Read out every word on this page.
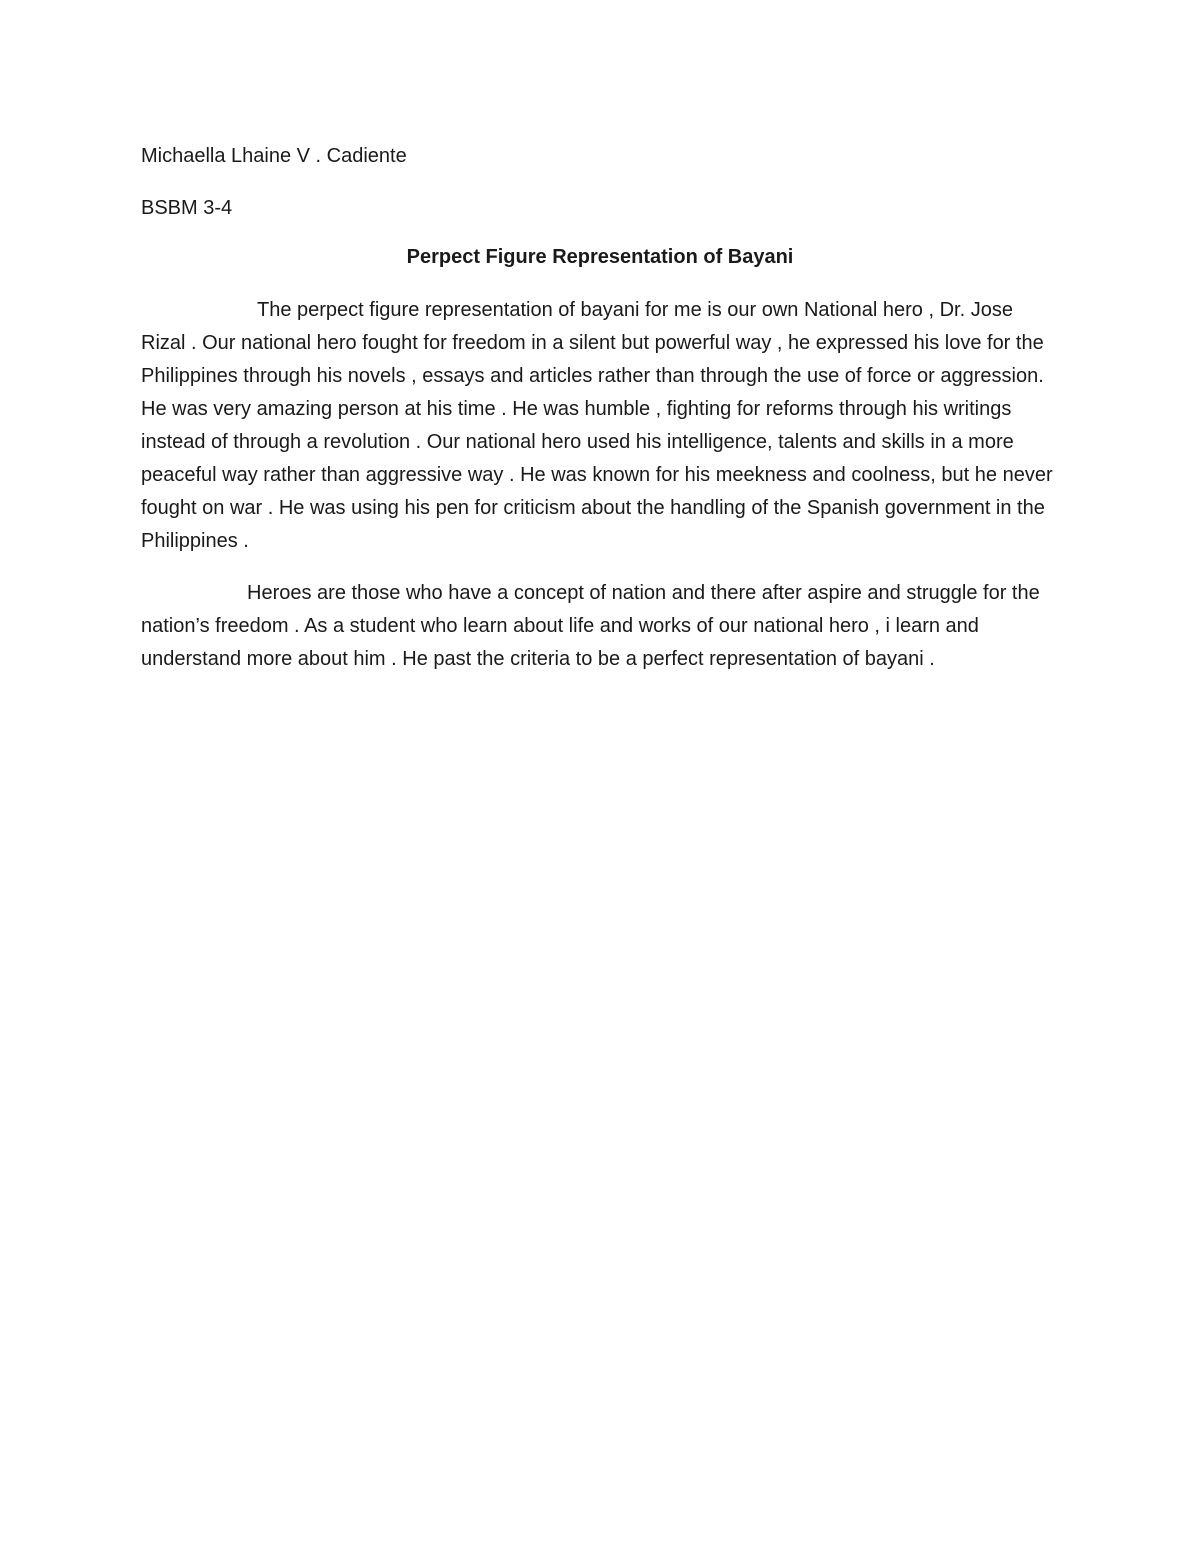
Michaella Lhaine V . Cadiente

BSBM 3-4

Perpect Figure Representation of Bayani

The perpect figure representation of bayani for me is our own National hero , Dr. Jose Rizal . Our national hero fought for freedom in a silent but powerful way , he expressed his love for the Philippines through his novels , essays and articles rather than through the use of force or aggression. He was very amazing person at his time . He was humble , fighting for reforms through his writings instead of through a revolution . Our national hero used his intelligence, talents and skills in a more peaceful way rather than aggressive way . He was known for his meekness and coolness, but he never fought on war . He was using his pen for criticism about the handling of the Spanish government in the Philippines .

Heroes are those who have a concept of nation and there after aspire and struggle for the nation’s freedom . As a student who learn about life and works of our national hero , i learn and understand more about him . He past the criteria to be a perfect representation of bayani .
